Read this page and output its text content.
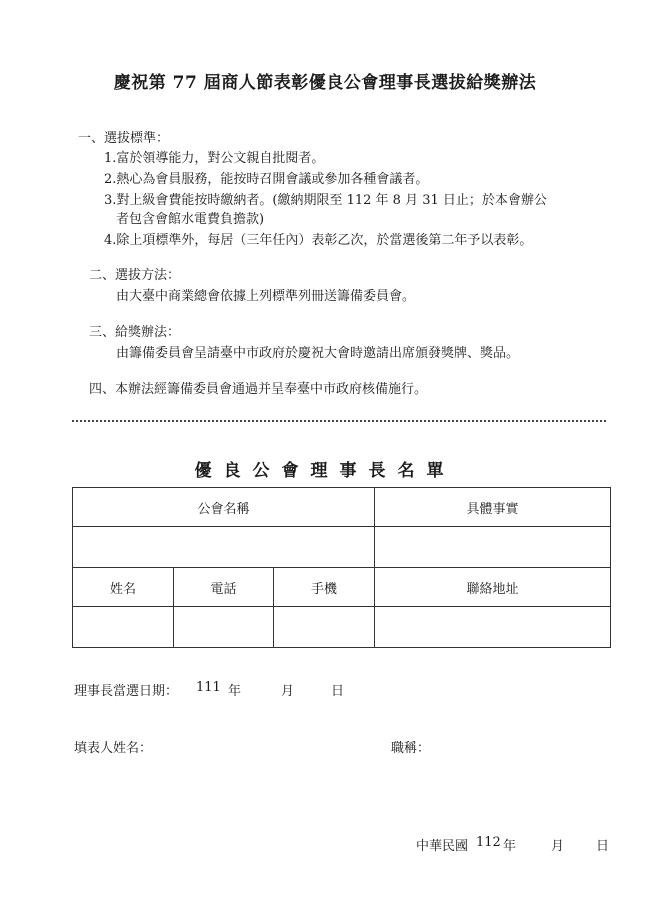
慶祝第 77 屆商人節表彰優良公會理事長選拔給獎辦法
一、選拔標準：
1.富於領導能力，對公文親自批閱者。
2.熱心為會員服務，能按時召開會議或參加各種會議者。
3.對上級會費能按時繳納者。(繳納期限至 112 年 8 月 31 日止；於本會辦公
者包含會館水電費負擔款)
4.除上項標準外，每居（三年任內）表彰乙次，於當選後第二年予以表彰。
二、選拔方法：
由大臺中商業總會依據上列標準列冊送籌備委員會。
三、給獎辦法：
由籌備委員會呈請臺中市政府於慶祝大會時邀請出席頒發獎牌、獎品。
四、本辦法經籌備委員會通過并呈奉臺中市政府核備施行。
優良公會理事長名單
公會名稱			具體事實

姓名	電話	手機	聯絡地址

理事長當選日期： 111 年	月	日
填表人姓名：	職稱：
中華民國 112 年	月 日
